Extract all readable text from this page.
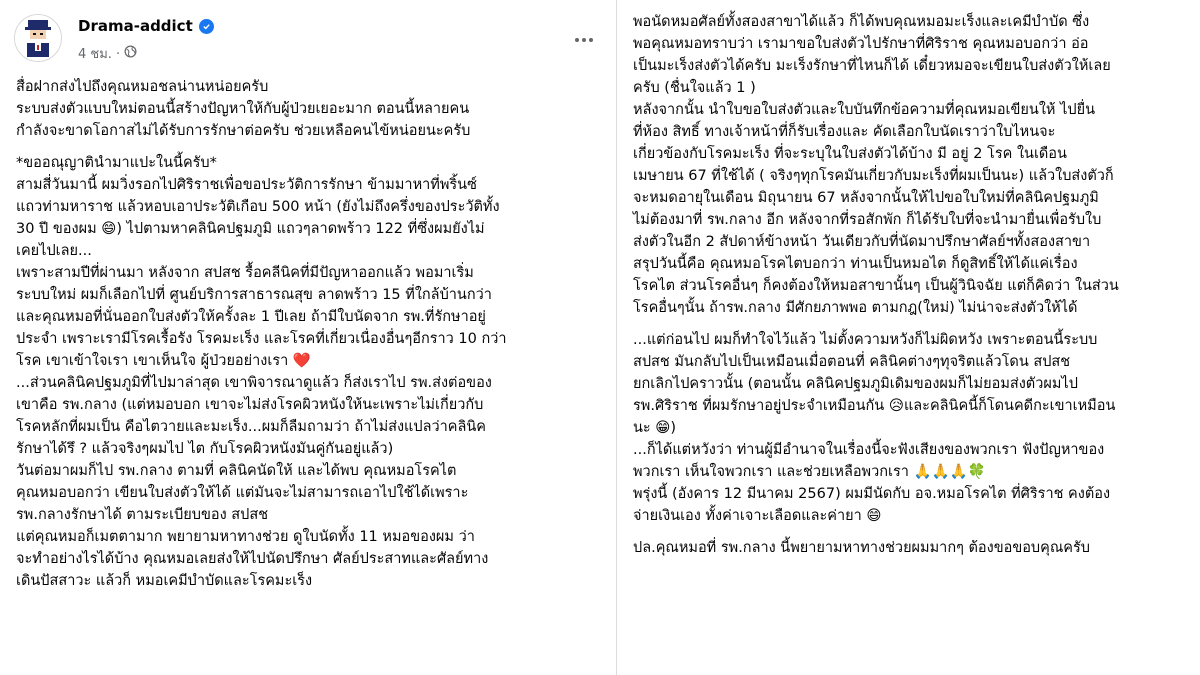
Drama-addict
4 ชม. ·

สื่อฝากส่งไปถึงคุณหมอชลน่านหน่อยครับ
ระบบส่งตัวแบบใหม่ตอนนี้สร้างปัญหาให้กับผู้ป่วยเยอะมาก ตอนนี้หลายคน
กำลังจะขาดโอกาสไม่ได้รับการรักษาต่อครับ ช่วยเหลือคนไข้หน่อยนะครับ

*ขออณุญาตินำมาแปะในนี้ครับ*
สามสี่วันมานี้ ผมวิ่งรอกไปศิริราชเพื่อขอประวัติการรักษา ข้ามมาหาที่พริ้นซ์
แถวท่ามหาราช แล้วหอบเอาประวัติเกือบ 500 หน้า (ยังไม่ถึงครึ่งของประวัติทั้ง
30 ปี ของผม 😄) ไปตามหาคลินิคปฐมภูมิ แถวๆลาดพร้าว 122 ที่ซึ่งผมยังไม่
เคยไปเลย...
เพราะสามปีที่ผ่านมา หลังจาก สปสช รื้อคลีนิคที่มีปัญหาออกแล้ว พอมาเริ่ม
ระบบใหม่ ผมก็เลือกไปที่ ศูนย์บริการสาธารณสุข ลาดพร้าว 15 ที่ใกล้บ้านกว่า
และคุณหมอที่นั่นออกใบส่งตัวให้ครั้งละ 1 ปีเลย ถ้ามีใบนัดจาก รพ.ที่รักษาอยู่
ประจำ เพราะเรามีโรคเรื้อรัง โรคมะเร็ง และโรคที่เกี่ยวเนื่องอื่นๆอีกราว 10 กว่า
โรค เขาเข้าใจเรา เขาเห็นใจ ผู้ป่วยอย่างเรา ❤️
...ส่วนคลินิคปฐมภูมิที่ไปมาล่าสุด เขาพิจารณาดูแล้ว ก็ส่งเราไป รพ.ส่งต่อของ
เขาคือ รพ.กลาง (แต่หมอบอก เขาจะไม่ส่งโรคผิวหนังให้นะเพราะไม่เกี่ยวกับ
โรคหลักที่ผมเป็น คือไตวายและมะเร็ง...ผมก็ลืมถามว่า ถ้าไม่ส่งแปลว่าคลินิค
รักษาได้รึ ? แล้วจริงๆผมไป ไต กับโรคผิวหนังมันคู่กันอยู่แล้ว)
วันต่อมาผมก็ไป รพ.กลาง ตามที่ คลินิคนัดให้ และได้พบ คุณหมอโรคไต
คุณหมอบอกว่า เขียนใบส่งตัวให้ได้ แต่มันจะไม่สามารถเอาไปใช้ได้เพราะ
รพ.กลางรักษาได้ ตามระเบียบของ สปสช
แต่คุณหมอก็เมตตามาก พยายามหาทางช่วย ดูใบนัดทั้ง 11 หมอของผม ว่า
จะทำอย่างไรได้บ้าง คุณหมอเลยส่งให้ไปนัดปรึกษา ศัลย์ประสาทและศัลย์ทาง
เดินปัสสาวะ แล้วก็ หมอเคมีบำบัดและโรคมะเร็ง

พอนัดหมอศัลย์ทั้งสองสาขาได้แล้ว ก็ได้พบคุณหมอมะเร็งและเคมีบำบัด ซึ่ง
พอคุณหมอทราบว่า เรามาขอใบส่งตัวไปรักษาที่ศิริราช คุณหมอบอกว่า อ่อ
เป็นมะเร็งส่งตัวได้ครับ มะเร็งรักษาที่ไหนก็ได้ เดี๋ยวหมอจะเขียนใบส่งตัวให้เลย
ครับ (ชื่นใจแล้ว 1 )
หลังจากนั้น นำใบขอใบส่งตัวและใบบันทึกข้อความที่คุณหมอเขียนให้ ไปยื่น
ที่ห้อง สิทธิ์ ทางเจ้าหน้าที่ก็รับเรื่องและ คัดเลือกใบนัดเราว่าใบไหนจะ
เกี่ยวข้องกับโรคมะเร็ง ที่จะระบุในใบส่งตัวได้บ้าง มี อยู่ 2 โรค ในเดือน
เมษายน 67 ที่ใช้ได้ ( จริงๆทุกโรคมันเกี่ยวกับมะเร็งที่ผมเป็นนะ) แล้วใบส่งตัวก็
จะหมดอายุในเดือน มิถุนายน 67 หลังจากนั้นให้ไปขอใบใหม่ที่คลินิคปฐมภูมิ
ไม่ต้องมาที่ รพ.กลาง อีก หลังจากที่รอสักพัก ก็ได้รับใบที่จะนำมายื่นเพื่อรับใบ
ส่งตัวในอีก 2 สัปดาห์ข้างหน้า วันเดียวกับที่นัดมาปรึกษาศัลย์ฯทั้งสองสาขา
สรุปวันนี้คือ คุณหมอโรคไตบอกว่า ท่านเป็นหมอไต ก็ดูสิทธิ์ให้ได้แค่เรื่อง
โรคไต ส่วนโรคอื่นๆ ก็คงต้องให้หมอสาขานั้นๆ เป็นผู้วินิจฉัย แต่ก็คิดว่า ในส่วน
โรคอื่นๆนั้น ถ้ารพ.กลาง มีศักยภาพพอ ตามกฎ(ใหม่) ไม่น่าจะส่งตัวให้ได้

...แต่ก่อนไป ผมก็ทำใจไว้แล้ว ไม่ตั้งความหวังก็ไม่ผิดหวัง เพราะตอนนี้ระบบ
สปสช มันกลับไปเป็นเหมือนเมื่อตอนที่ คลินิคต่างๆทุจริตแล้วโดน สปสช
ยกเลิกไปคราวนั้น (ตอนนั้น คลินิคปฐมภูมิเดิมของผมก็ไม่ยอมส่งตัวผมไป
รพ.ศิริราช ที่ผมรักษาอยู่ประจำเหมือนกัน 😥และคลินิคนี้ก็โดนคดีกะเขาเหมือน
นะ 😁)
...ก็ได้แต่หวังว่า ท่านผู้มีอำนาจในเรื่องนี้จะฟังเสียงของพวกเรา ฟังปัญหาของ
พวกเรา เห็นใจพวกเรา และช่วยเหลือพวกเรา 🙏🙏🙏🍀
พรุ่งนี้ (อังคาร 12 มีนาคม 2567) ผมมีนัดกับ อจ.หมอโรคไต ที่ศิริราช คงต้อง
จ่ายเงินเอง ทั้งค่าเจาะเลือดและค่ายา 😄

ปล.คุณหมอที่ รพ.กลาง นี้พยายามหาทางช่วยผมมากๆ ต้องขอขอบคุณครับ
